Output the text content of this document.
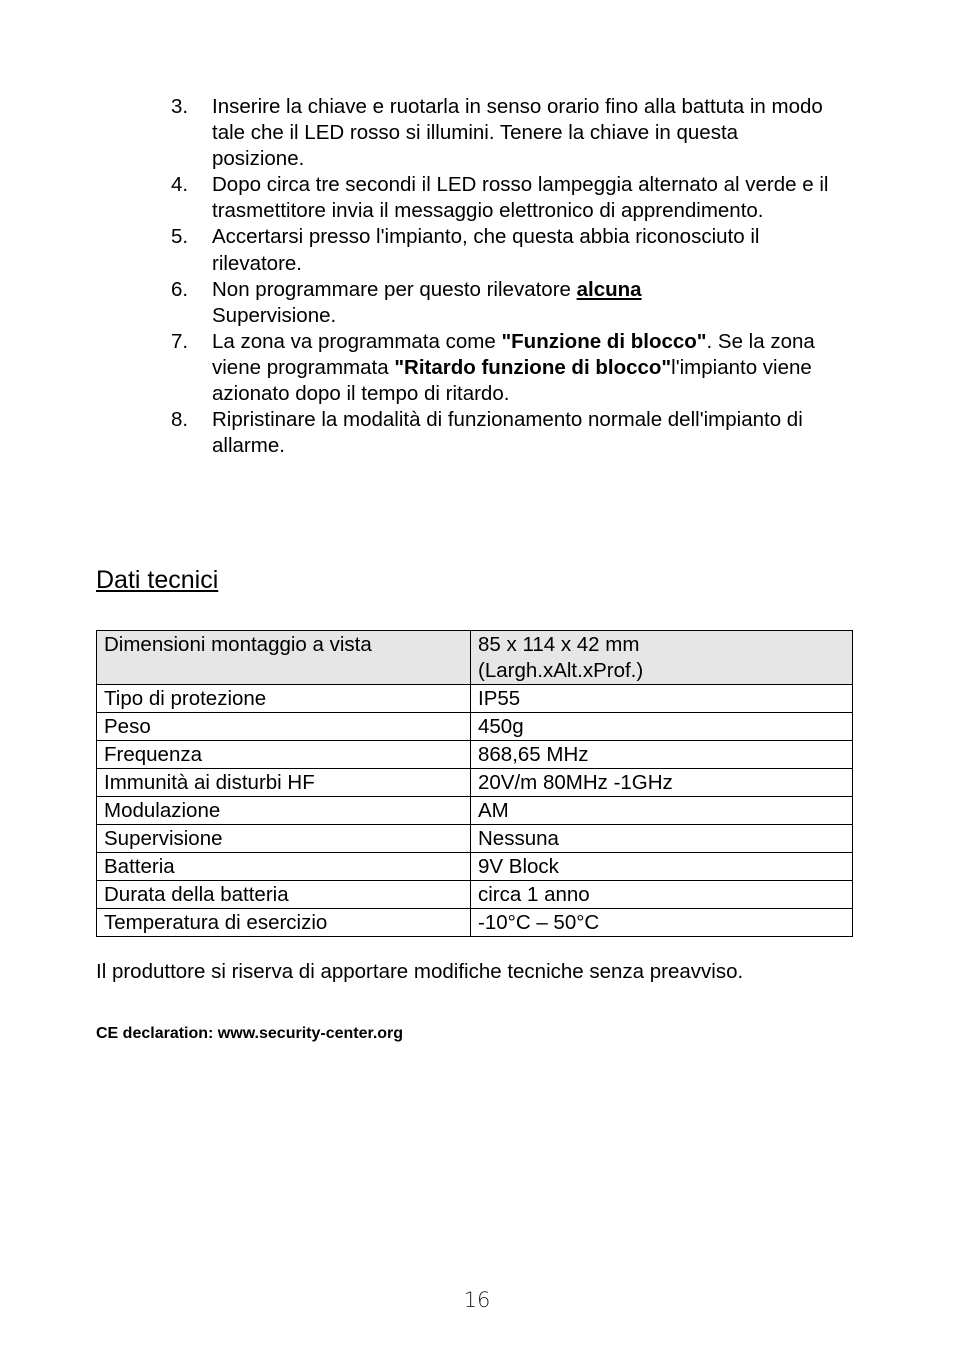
3. Inserire la chiave e ruotarla in senso orario fino alla battuta in modo tale che il LED rosso si illumini. Tenere la chiave in questa posizione.
4. Dopo circa tre secondi il LED rosso lampeggia alternato al verde e il trasmettitore invia il messaggio elettronico di apprendimento.
5. Accertarsi presso l'impianto, che questa abbia riconosciuto il rilevatore.
6. Non programmare per questo rilevatore alcuna
Supervisione.
7. La zona va programmata come "Funzione di blocco". Se la zona viene programmata "Ritardo funzione di blocco"l'impianto viene azionato dopo il tempo di ritardo.
8. Ripristinare la modalità di funzionamento normale dell'impianto di allarme.
Dati tecnici
Dimensioni montaggio a vista	85 x 114 x 42 mm
(Largh.xAlt.xProf.)
Tipo di protezione	IP55
Peso	450g
Frequenza	868,65 MHz
Immunità ai disturbi HF	20V/m 80MHz -1GHz
Modulazione	AM
Supervisione	Nessuna
Batteria	9V Block
Durata della batteria	circa 1 anno
Temperatura di esercizio	-10°C – 50°C

Il produttore si riserva di apportare modifiche tecniche senza preavviso.

CE declaration: www.security-center.org

16
